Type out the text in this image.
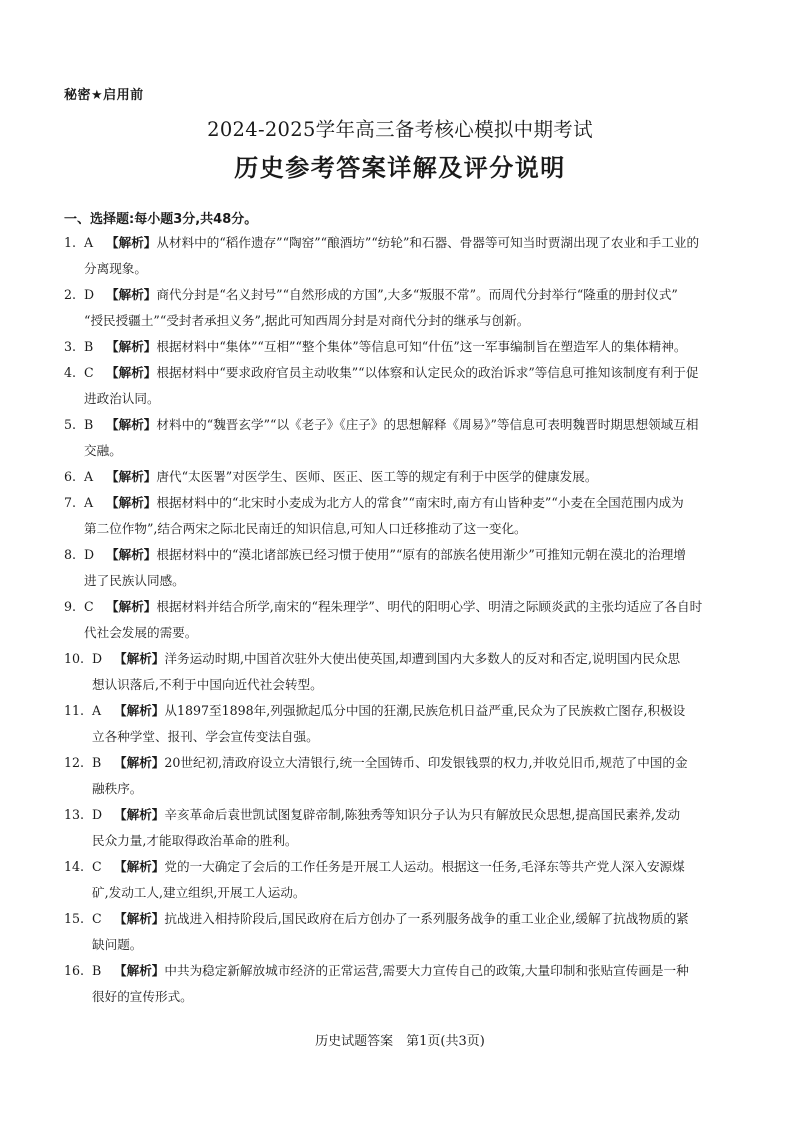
秘密★启用前
2024-2025学年高三备考核心模拟中期考试
历史参考答案详解及评分说明
一、选择题:每小题3分,共48分。
1. A 【解析】从材料中的“稻作遗存”“陶窑”“酿酒坊”“纺轮”和石器、骨器等可知当时贾湖出现了农业和手工业的
分离现象。
2. D 【解析】商代分封是“名义封号”“自然形成的方国”,大多“叛服不常”。而周代分封举行“隆重的册封仪式”
“授民授疆土”“受封者承担义务”,据此可知西周分封是对商代分封的继承与创新。
3. B 【解析】根据材料中“集体”“互相”“整个集体”等信息可知“什伍”这一军事编制旨在塑造军人的集体精神。
4. C 【解析】根据材料中“要求政府官员主动收集”“以体察和认定民众的政治诉求”等信息可推知该制度有利于促
进政治认同。
5. B 【解析】材料中的“魏晋玄学”“以《老子》《庄子》的思想解释《周易》”等信息可表明魏晋时期思想领域互相
交融。
6. A 【解析】唐代“太医署”对医学生、医师、医正、医工等的规定有利于中医学的健康发展。
7. A 【解析】根据材料中的“北宋时小麦成为北方人的常食”“南宋时,南方有山皆种麦”“小麦在全国范围内成为
第二位作物”,结合两宋之际北民南迁的知识信息,可知人口迁移推动了这一变化。
8. D 【解析】根据材料中的“漠北诸部族已经习惯于使用”“原有的部族名使用渐少”可推知元朝在漠北的治理增
进了民族认同感。
9. C 【解析】根据材料并结合所学,南宋的“程朱理学”、明代的阳明心学、明清之际顾炎武的主张均适应了各自时
代社会发展的需要。
10. D 【解析】洋务运动时期,中国首次驻外大使出使英国,却遭到国内大多数人的反对和否定,说明国内民众思
想认识落后,不利于中国向近代社会转型。
11. A 【解析】从1897至1898年,列强掀起瓜分中国的狂潮,民族危机日益严重,民众为了民族救亡图存,积极设
立各种学堂、报刊、学会宣传变法自强。
12. B 【解析】20世纪初,清政府设立大清银行,统一全国铸币、印发银钱票的权力,并收兑旧币,规范了中国的金
融秩序。
13. D 【解析】辛亥革命后袁世凯试图复辟帝制,陈独秀等知识分子认为只有解放民众思想,提高国民素养,发动
民众力量,才能取得政治革命的胜利。
14. C 【解析】党的一大确定了会后的工作任务是开展工人运动。根据这一任务,毛泽东等共产党人深入安源煤
矿,发动工人,建立组织,开展工人运动。
15. C 【解析】抗战进入相持阶段后,国民政府在后方创办了一系列服务战争的重工业企业,缓解了抗战物质的紧
缺问题。
16. B 【解析】中共为稳定新解放城市经济的正常运营,需要大力宣传自己的政策,大量印制和张贴宣传画是一种
很好的宣传形式。
历史试题答案　第1页(共3页)
